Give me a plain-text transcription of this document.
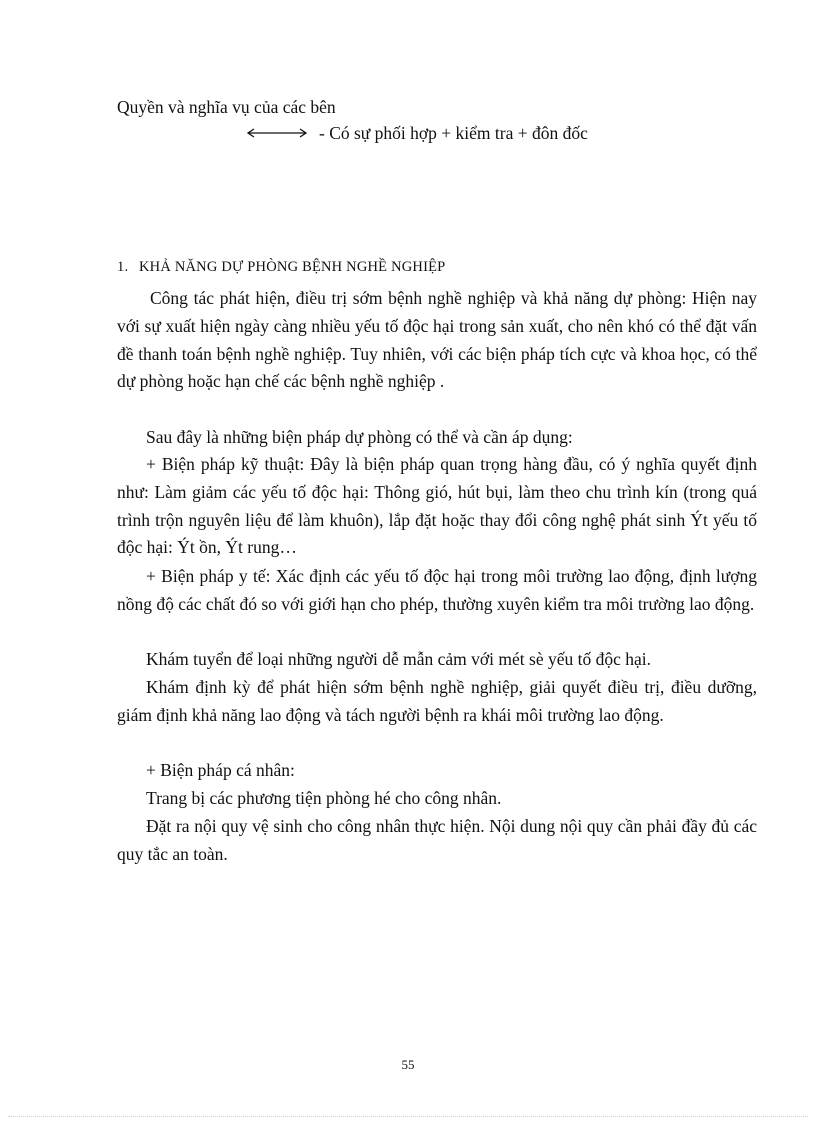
Quyền và nghĩa vụ của các bên
- Có sự phối hợp + kiểm tra + đôn đốc
1. KHẢ NĂNG DỰ PHÒNG BỆNH NGHỀ NGHIỆP
Công tác phát hiện, điều trị sớm bệnh nghề nghiệp và khả năng dự phòng: Hiện nay với sự xuất hiện ngày càng nhiều yếu tố độc hại trong sản xuất, cho nên khó có thể đặt vấn đề thanh toán bệnh nghề nghiệp. Tuy nhiên, với các biện pháp tích cực và khoa học, có thể dự phòng hoặc hạn chế các bệnh nghề nghiệp .
Sau đây là những biện pháp dự phòng có thể và cần áp dụng:
+ Biện pháp kỹ thuật: Đây là biện pháp quan trọng hàng đầu, có ý nghĩa quyết định như: Làm giảm các yếu tố độc hại: Thông gió, hút bụi, làm theo chu trình kín (trong quá trình trộn nguyên liệu để làm khuôn), lắp đặt hoặc thay đổi công nghệ phát sinh Ýt yếu tố độc hại: Ýt ồn, Ýt rung…
+ Biện pháp y tế: Xác định các yếu tố độc hại trong môi trường lao động, định lượng nồng độ các chất đó so với giới hạn cho phép, thường xuyên kiểm tra môi trường lao động.
Khám tuyển để loại những người dễ mẫn cảm với mét sè yếu tố độc hại.
Khám định kỳ để phát hiện sớm bệnh nghề nghiệp, giải quyết điều trị, điều dưỡng, giám định khả năng lao động và tách người bệnh ra khái môi trường lao động.
+ Biện pháp cá nhân:
Trang bị các phương tiện phòng hé cho công nhân.
Đặt ra nội quy vệ sinh cho công nhân thực hiện. Nội dung nội quy cần phải đầy đủ các quy tắc an toàn.
55
